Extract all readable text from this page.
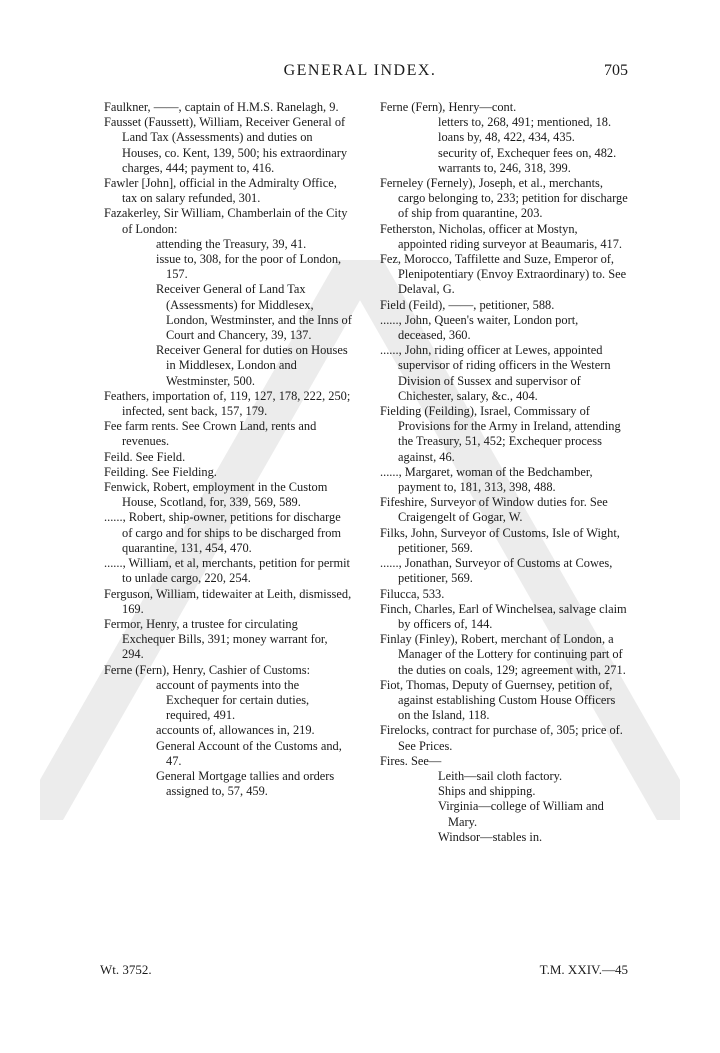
GENERAL INDEX.	705
Faulkner, ——, captain of H.M.S. Ranelagh, 9.
Fausset (Faussett), William, Receiver General of Land Tax (Assessments) and duties on Houses, co. Kent, 139, 500; his extraordinary charges, 444; payment to, 416.
Fawler [John], official in the Admiralty Office, tax on salary refunded, 301.
Fazakerley, Sir William, Chamberlain of the City of London:
attending the Treasury, 39, 41.
issue to, 308, for the poor of London, 157.
Receiver General of Land Tax (Assessments) for Middlesex, London, Westminster, and the Inns of Court and Chancery, 39, 137.
Receiver General for duties on Houses in Middlesex, London and Westminster, 500.
Feathers, importation of, 119, 127, 178, 222, 250; infected, sent back, 157, 179.
Fee farm rents. See Crown Land, rents and revenues.
Feild. See Field.
Feilding. See Fielding.
Fenwick, Robert, employment in the Custom House, Scotland, for, 339, 569, 589.
......, Robert, ship-owner, petitions for discharge of cargo and for ships to be discharged from quarantine, 131, 454, 470.
......, William, et al, merchants, petition for permit to unlade cargo, 220, 254.
Ferguson, William, tidewaiter at Leith, dismissed, 169.
Fermor, Henry, a trustee for circulating Exchequer Bills, 391; money warrant for, 294.
Ferne (Fern), Henry, Cashier of Customs:
account of payments into the Exchequer for certain duties, required, 491.
accounts of, allowances in, 219.
General Account of the Customs and, 47.
General Mortgage tallies and orders assigned to, 57, 459.
Ferne (Fern), Henry—cont.
letters to, 268, 491; mentioned, 18.
loans by, 48, 422, 434, 435.
security of, Exchequer fees on, 482.
warrants to, 246, 318, 399.
Ferneley (Fernely), Joseph, et al., merchants, cargo belonging to, 233; petition for discharge of ship from quarantine, 203.
Fetherston, Nicholas, officer at Mostyn, appointed riding surveyor at Beaumaris, 417.
Fez, Morocco, Taffilette and Suze, Emperor of, Plenipotentiary (Envoy Extraordinary) to. See Delaval, G.
Field (Feild), ——, petitioner, 588.
......, John, Queen's waiter, London port, deceased, 360.
......, John, riding officer at Lewes, appointed supervisor of riding officers in the Western Division of Sussex and supervisor of Chichester, salary, &c., 404.
Fielding (Feilding), Israel, Commissary of Provisions for the Army in Ireland, attending the Treasury, 51, 452; Exchequer process against, 46.
......, Margaret, woman of the Bedchamber, payment to, 181, 313, 398, 488.
Fifeshire, Surveyor of Window duties for. See Craigengelt of Gogar, W.
Filks, John, Surveyor of Customs, Isle of Wight, petitioner, 569.
......, Jonathan, Surveyor of Customs at Cowes, petitioner, 569.
Filucca, 533.
Finch, Charles, Earl of Winchelsea, salvage claim by officers of, 144.
Finlay (Finley), Robert, merchant of London, a Manager of the Lottery for continuing part of the duties on coals, 129; agreement with, 271.
Fiot, Thomas, Deputy of Guernsey, petition of, against establishing Custom House Officers on the Island, 118.
Firelocks, contract for purchase of, 305; price of. See Prices.
Fires. See—
Leith—sail cloth factory.
Ships and shipping.
Virginia—college of William and Mary.
Windsor—stables in.
Wt. 3752.	T.M. XXIV.—45
